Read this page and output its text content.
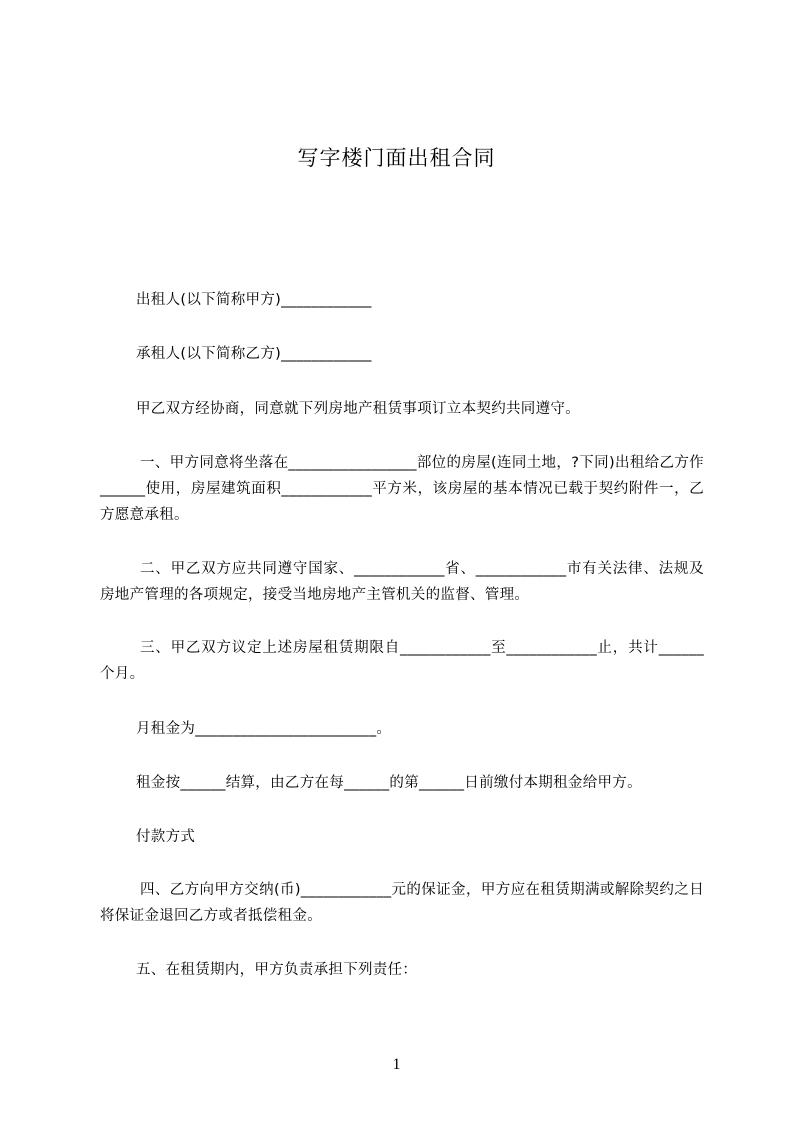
写字楼门面出租合同
出租人(以下简称甲方)____________
承租人(以下简称乙方)____________
甲乙双方经协商，同意就下列房地产租赁事项订立本契约共同遵守。
一、甲方同意将坐落在_________________部位的房屋(连同土地，?下同)出租给乙方作______使用，房屋建筑面积____________平方米，该房屋的基本情况已载于契约附件一，乙方愿意承租。
二、甲乙双方应共同遵守国家、____________省、____________市有关法律、法规及房地产管理的各项规定，接受当地房地产主管机关的监督、管理。
三、甲乙双方议定上述房屋租赁期限自____________至____________止，共计______个月。
月租金为________________________。
租金按______结算，由乙方在每______的第______日前缴付本期租金给甲方。
付款方式
四、乙方向甲方交纳(币)____________元的保证金，甲方应在租赁期满或解除契约之日将保证金退回乙方或者抵偿租金。
五、在租赁期内，甲方负责承担下列责任：
1
